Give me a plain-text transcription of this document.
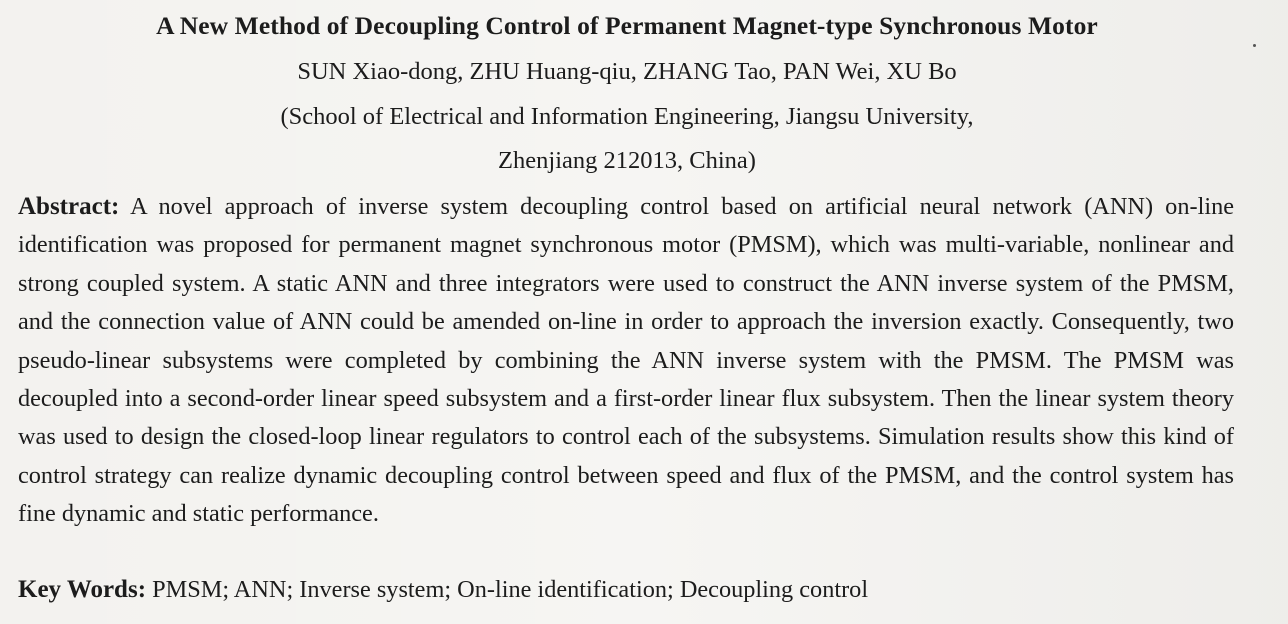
A New Method of Decoupling Control of Permanent Magnet-type Synchronous Motor
SUN Xiao-dong, ZHU Huang-qiu, ZHANG Tao, PAN Wei, XU Bo
(School of Electrical and Information Engineering, Jiangsu University,
Zhenjiang 212013, China)
Abstract: A novel approach of inverse system decoupling control based on artificial neural network (ANN) on-line identification was proposed for permanent magnet synchronous motor (PMSM), which was multi-variable, nonlinear and strong coupled system. A static ANN and three integrators were used to construct the ANN inverse system of the PMSM, and the connection value of ANN could be amended on-line in order to approach the inversion exactly. Consequently, two pseudo-linear subsystems were completed by combining the ANN inverse system with the PMSM. The PMSM was decoupled into a second-order linear speed subsystem and a first-order linear flux subsystem. Then the linear system theory was used to design the closed-loop linear regulators to control each of the subsystems. Simulation results show this kind of control strategy can realize dynamic decoupling control between speed and flux of the PMSM, and the control system has fine dynamic and static performance.
Key Words: PMSM; ANN; Inverse system; On-line identification; Decoupling control
